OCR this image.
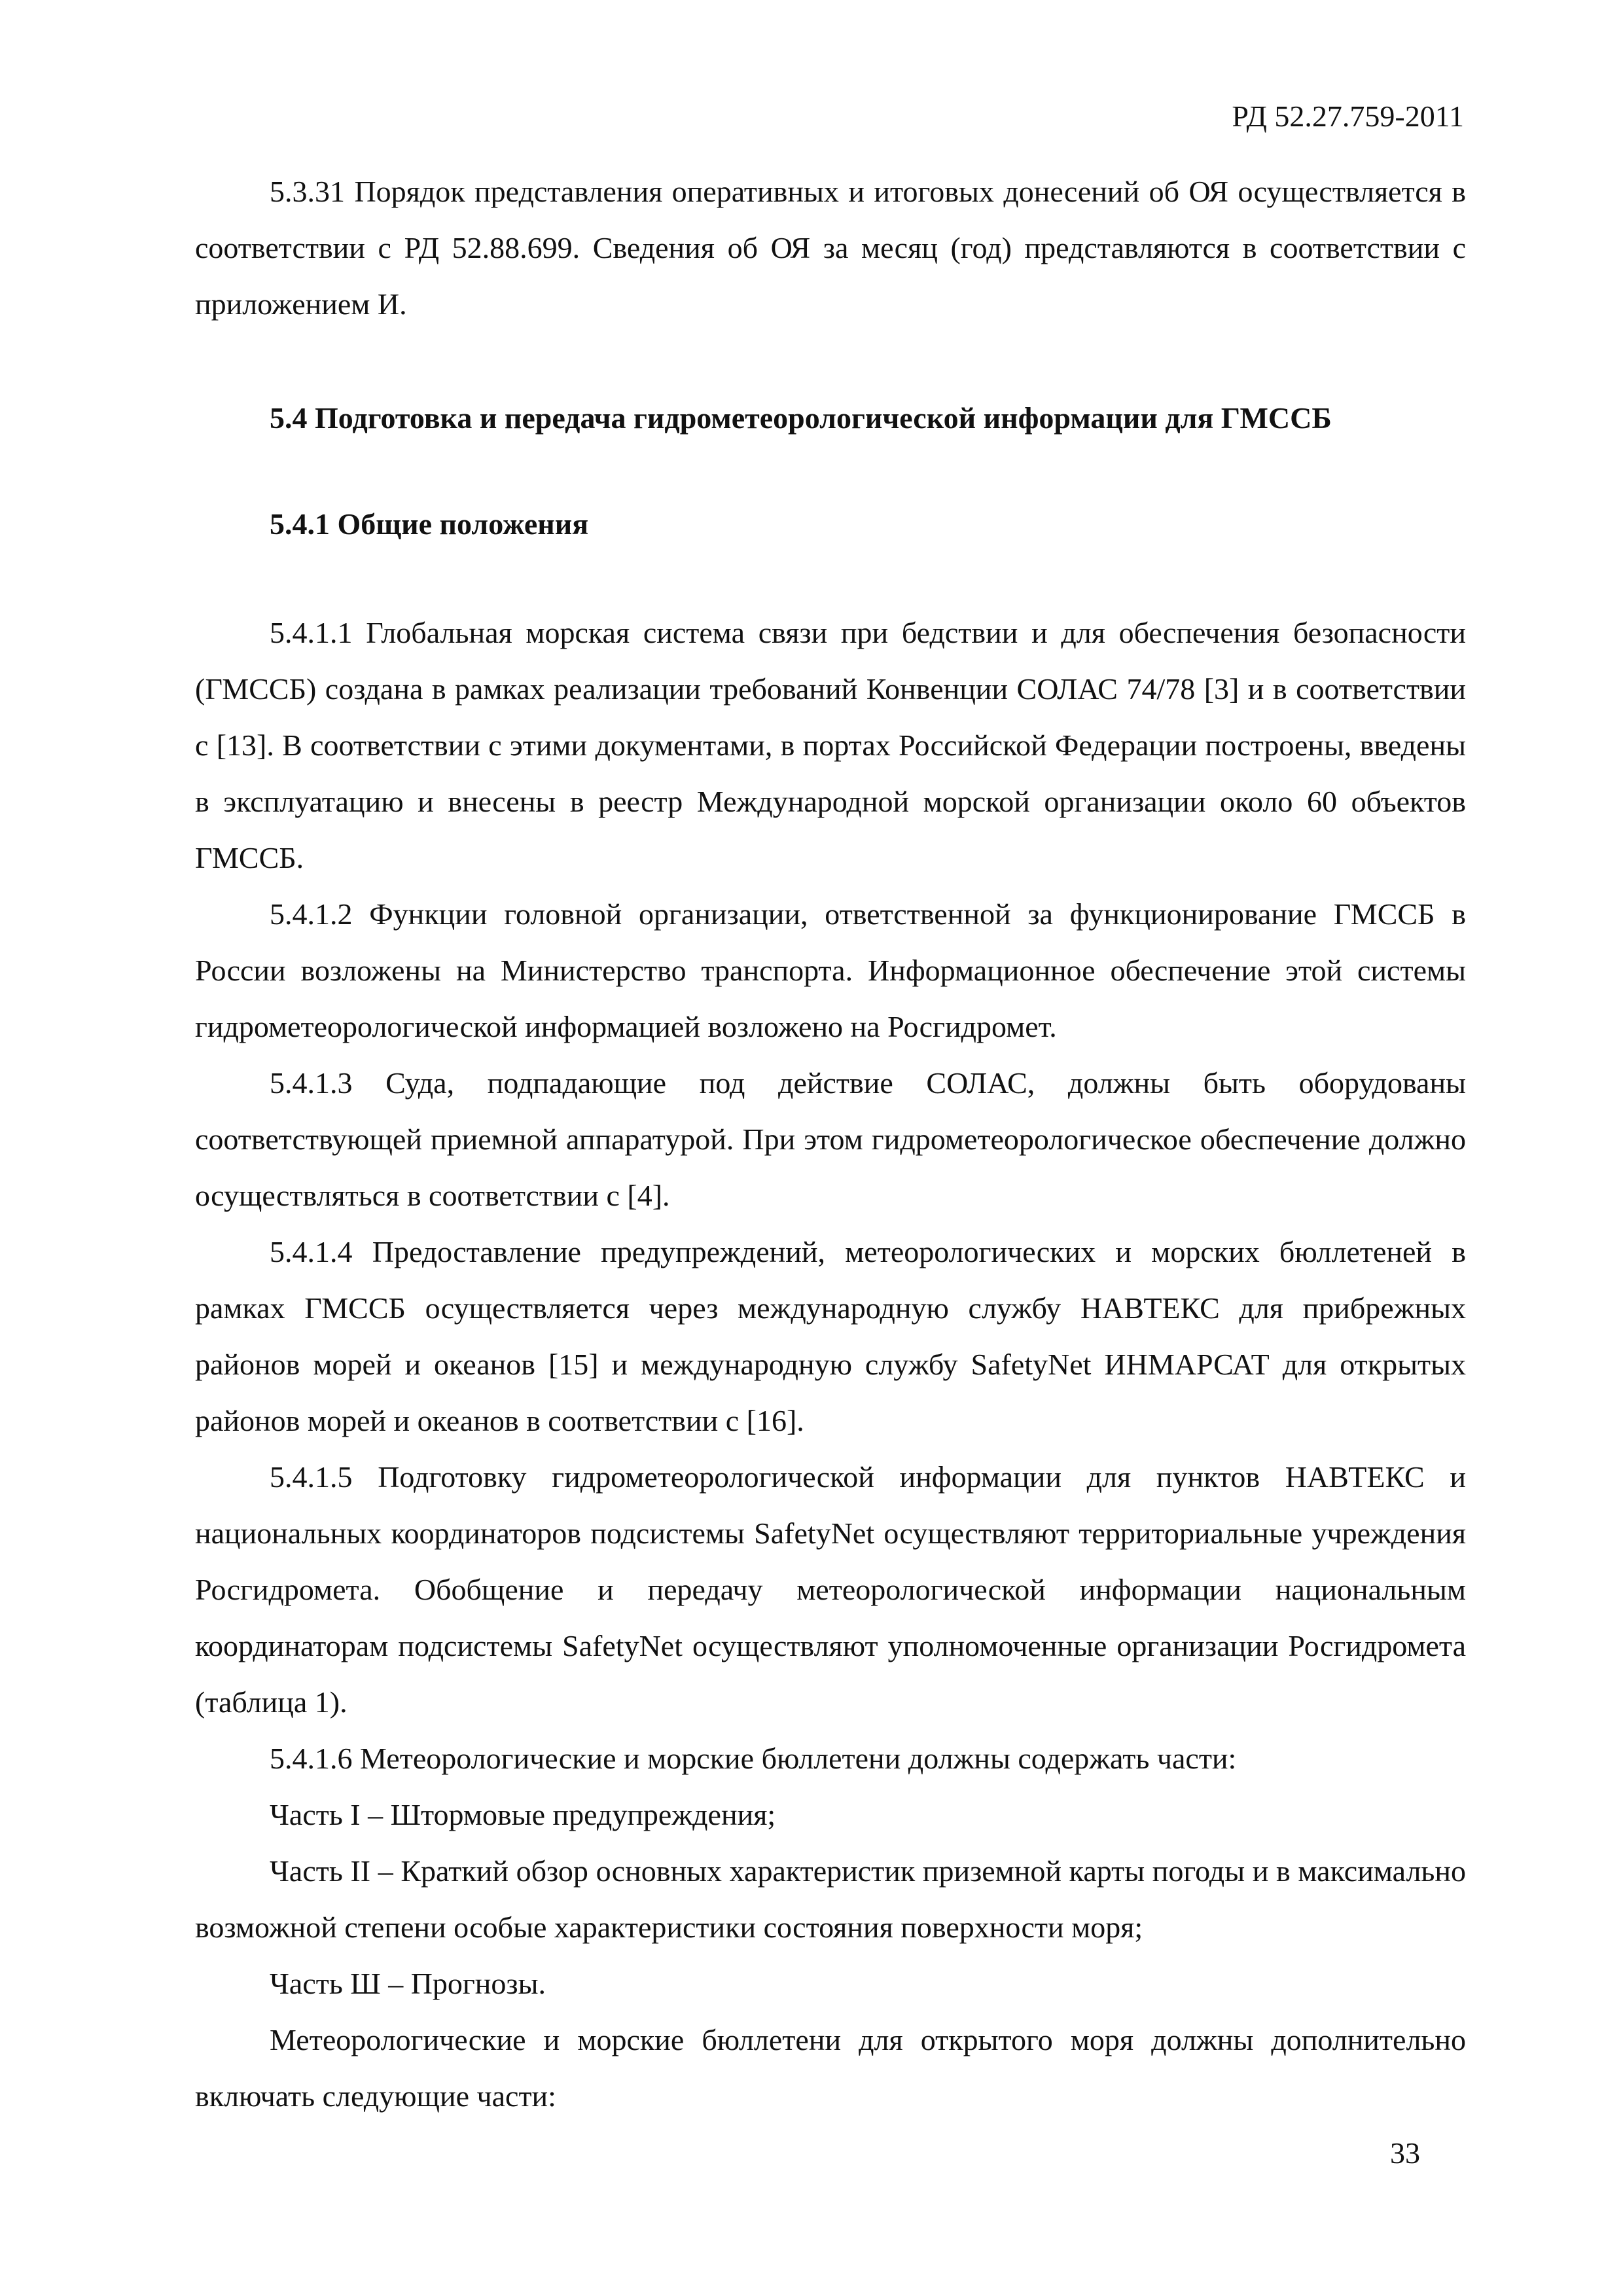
РД 52.27.759-2011

5.3.31 Порядок представления оперативных и итоговых донесений об ОЯ осуществляется в соответствии с РД 52.88.699. Сведения об ОЯ за месяц (год) представляются в соответствии с приложением И.

5.4 Подготовка и передача гидрометеорологической информации для ГМССБ

5.4.1 Общие положения

5.4.1.1 Глобальная морская система связи при бедствии и для обеспечения безопасности (ГМССБ) создана в рамках реализации требований Конвенции СОЛАС 74/78 [3] и в соответствии с [13]. В соответствии с этими документами, в портах Российской Федерации построены, введены в эксплуатацию и внесены в реестр Международной морской организации около 60 объектов ГМССБ.

5.4.1.2 Функции головной организации, ответственной за функционирование ГМССБ в России возложены на Министерство транспорта. Информационное обеспечение этой системы гидрометеорологической информацией возложено на Росгидромет.

5.4.1.3 Суда, подпадающие под действие СОЛАС, должны быть оборудованы соответствующей приемной аппаратурой. При этом гидрометеорологическое обеспечение должно осуществляться в соответствии с [4].

5.4.1.4 Предоставление предупреждений, метеорологических и морских бюллетеней в рамках ГМССБ осуществляется через международную службу НАВТЕКС для прибрежных районов морей и океанов [15] и международную службу SafetyNet ИНМАРСАТ для открытых районов морей и океанов в соответствии с [16].

5.4.1.5 Подготовку гидрометеорологической информации для пунктов НАВТЕКС и национальных координаторов подсистемы SafetyNet осуществляют территориальные учреждения Росгидромета. Обобщение и передачу метеорологической информации национальным координаторам подсистемы SafetyNet осуществляют уполномоченные организации Росгидромета (таблица 1).

5.4.1.6 Метеорологические и морские бюллетени должны содержать части:

Часть I – Штормовые предупреждения;

Часть II – Краткий обзор основных характеристик приземной карты погоды и в максимально возможной степени особые характеристики состояния поверхности моря;

Часть Ш – Прогнозы.

Метеорологические и морские бюллетени для открытого моря должны дополнительно включать следующие части:

33
